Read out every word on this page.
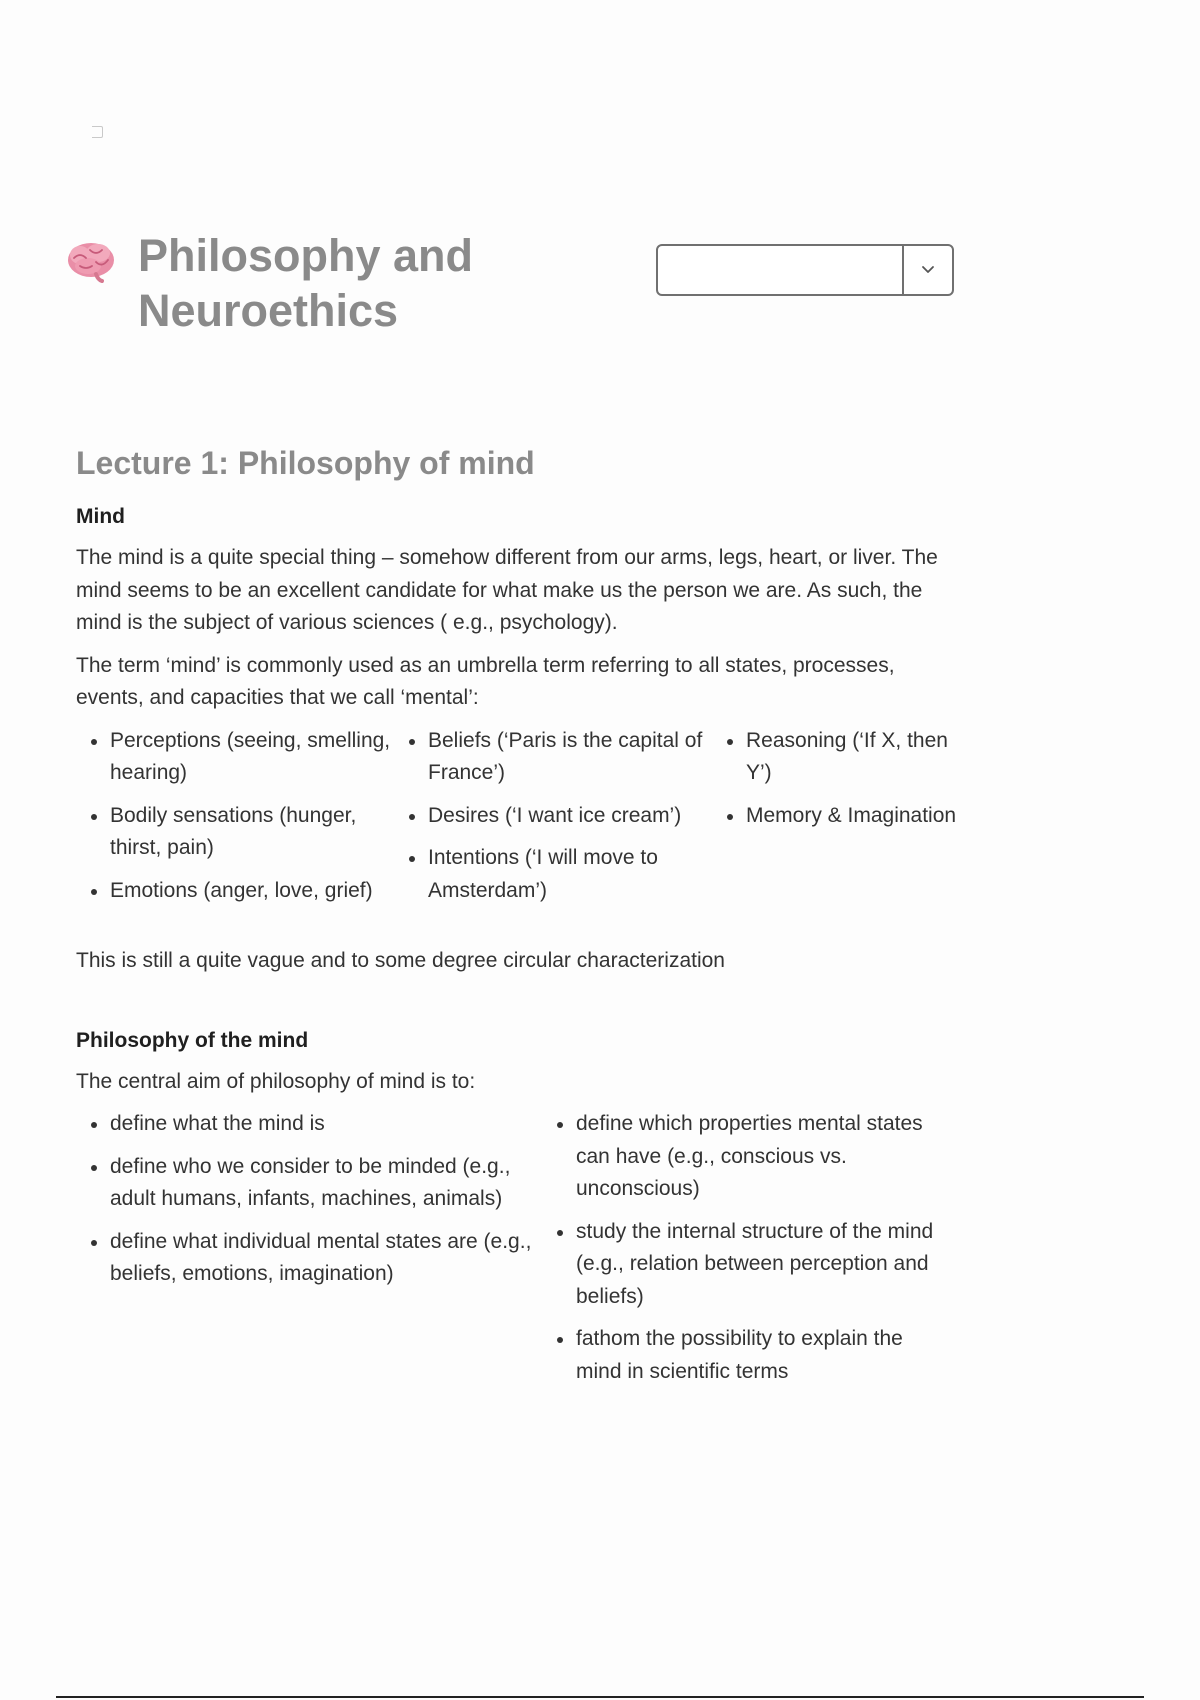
Philosophy and Neuroethics
Lecture 1: Philosophy of mind
Mind

The mind is a quite special thing – somehow different from our arms, legs, heart, or liver. The mind seems to be an excellent candidate for what make us the person we are. As such, the mind is the subject of various sciences ( e.g., psychology).

The term ‘mind’ is commonly used as an umbrella term referring to all states, processes, events, and capacities that we call ‘mental’:

Perceptions (seeing, smelling, hearing)
Bodily sensations (hunger, thirst, pain)
Emotions (anger, love, grief)
Beliefs (‘Paris is the capital of France’)
Desires (‘I want ice cream’)
Intentions (‘I will move to Amsterdam’)
Reasoning (‘If X, then Y’)
Memory & Imagination

This is still a quite vague and to some degree circular characterization

Philosophy of the mind

The central aim of philosophy of mind is to:

define what the mind is
define who we consider to be minded (e.g., adult humans, infants, machines, animals)
define what individual mental states are (e.g., beliefs, emotions, imagination)
define which properties mental states can have (e.g., conscious vs. unconscious)
study the internal structure of the mind (e.g., relation between perception and beliefs)
fathom the possibility to explain the mind in scientific terms
